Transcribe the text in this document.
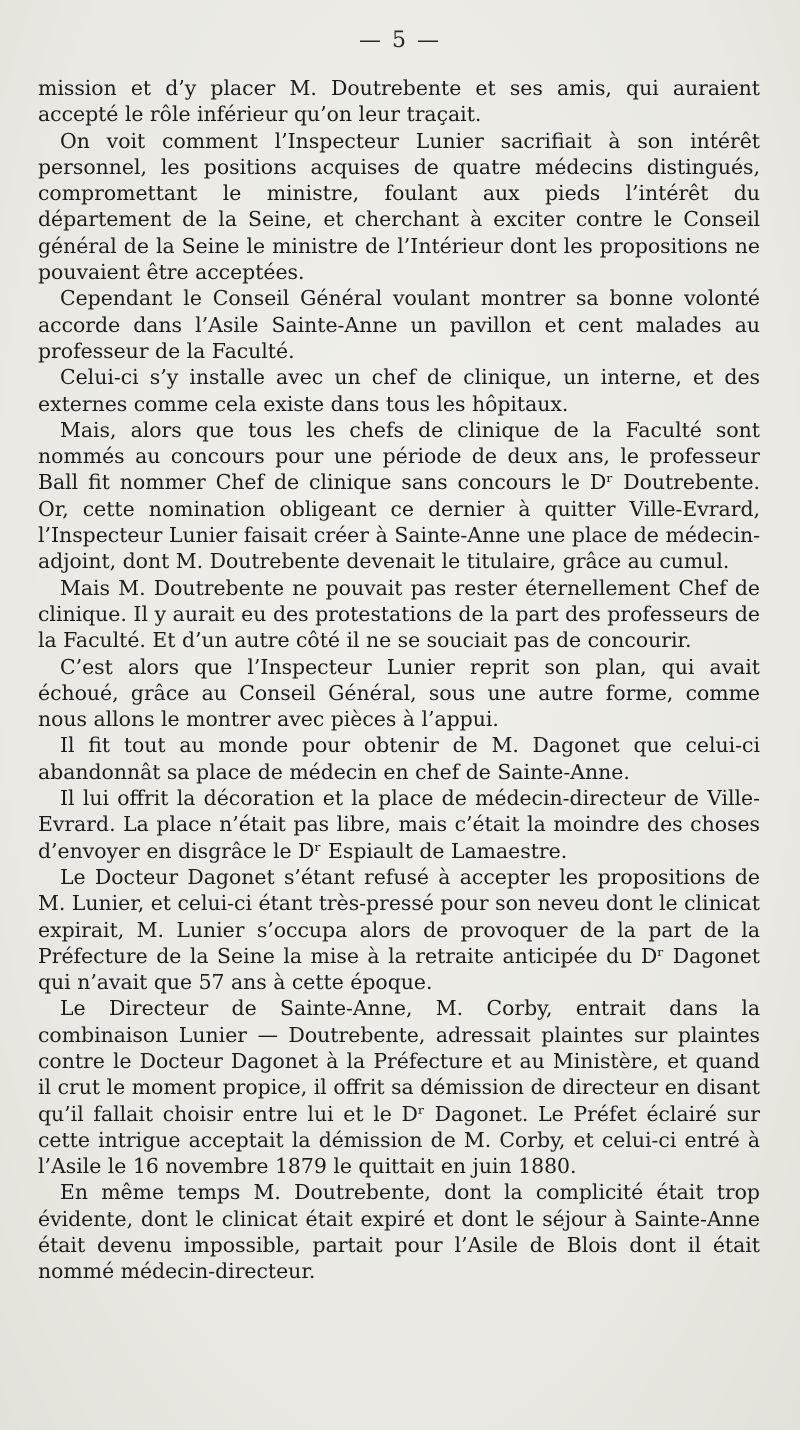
— 5 —

mission et d’y placer M. Doutrebente et ses amis, qui auraient accepté le rôle inférieur qu’on leur traçait.

On voit comment l’Inspecteur Lunier sacrifiait à son intérêt personnel, les positions acquises de quatre médecins distingués, compromettant le ministre, foulant aux pieds l’intérêt du département de la Seine, et cherchant à exciter contre le Conseil général de la Seine le ministre de l’Intérieur dont les propositions ne pouvaient être acceptées.

Cependant le Conseil Général voulant montrer sa bonne volonté accorde dans l’Asile Sainte-Anne un pavillon et cent malades au professeur de la Faculté.

Celui-ci s’y installe avec un chef de clinique, un interne, et des externes comme cela existe dans tous les hôpitaux.

Mais, alors que tous les chefs de clinique de la Faculté sont nommés au concours pour une période de deux ans, le professeur Ball fit nommer Chef de clinique sans concours le Dʳ Doutrebente. Or, cette nomination obligeant ce dernier à quitter Ville-Evrard, l’Inspecteur Lunier faisait créer à Sainte-Anne une place de médecin-adjoint, dont M. Doutrebente devenait le titulaire, grâce au cumul.

Mais M. Doutrebente ne pouvait pas rester éternellement Chef de clinique. Il y aurait eu des protestations de la part des professeurs de la Faculté. Et d’un autre côté il ne se souciait pas de concourir.

C’est alors que l’Inspecteur Lunier reprit son plan, qui avait échoué, grâce au Conseil Général, sous une autre forme, comme nous allons le montrer avec pièces à l’appui.

Il fit tout au monde pour obtenir de M. Dagonet que celui-ci abandonnât sa place de médecin en chef de Sainte-Anne.

Il lui offrit la décoration et la place de médecin-directeur de Ville-Evrard. La place n’était pas libre, mais c’était la moindre des choses d’envoyer en disgrâce le Dʳ Espiault de Lamaestre.

Le Docteur Dagonet s’étant refusé à accepter les propositions de M. Lunier, et celui-ci étant très-pressé pour son neveu dont le clinicat expirait, M. Lunier s’occupa alors de provoquer de la part de la Préfecture de la Seine la mise à la retraite anticipée du Dʳ Dagonet qui n’avait que 57 ans à cette époque.

Le Directeur de Sainte-Anne, M. Corby, entrait dans la combinaison Lunier — Doutrebente, adressait plaintes sur plaintes contre le Docteur Dagonet à la Préfecture et au Ministère, et quand il crut le moment propice, il offrit sa démission de directeur en disant qu’il fallait choisir entre lui et le Dʳ Dagonet. Le Préfet éclairé sur cette intrigue acceptait la démission de M. Corby, et celui-ci entré à l’Asile le 16 novembre 1879 le quittait en juin 1880.

En même temps M. Doutrebente, dont la complicité était trop évidente, dont le clinicat était expiré et dont le séjour à Sainte-Anne était devenu impossible, partait pour l’Asile de Blois dont il était nommé médecin-directeur.
